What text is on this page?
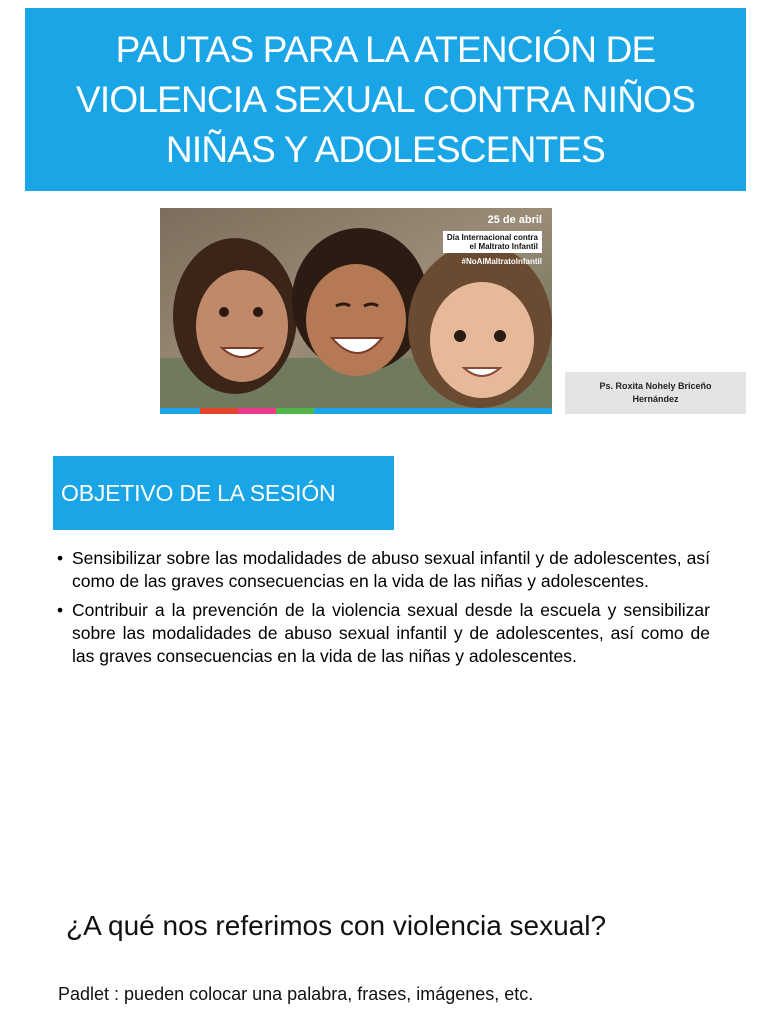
PAUTAS PARA LA ATENCIÓN DE
VIOLENCIA SEXUAL CONTRA NIÑOS
NIÑAS Y ADOLESCENTES
25 de abril
Día Internacional contra
el Maltrato Infantil
#NoAlMaltratoInfantil
Ps. Roxita Nohely Briceño
Hernández
OBJETIVO DE LA SESIÓN
• Sensibilizar sobre las modalidades de abuso sexual infantil y de adolescentes, así como de las graves consecuencias en la vida de las niñas y adolescentes.
• Contribuir a la prevención de la violencia sexual desde la escuela y sensibilizar sobre las modalidades de abuso sexual infantil y de adolescentes, así como de las graves consecuencias en la vida de las niñas y adolescentes.
¿A qué nos referimos con violencia sexual?
Padlet : pueden colocar una palabra, frases, imágenes, etc.
